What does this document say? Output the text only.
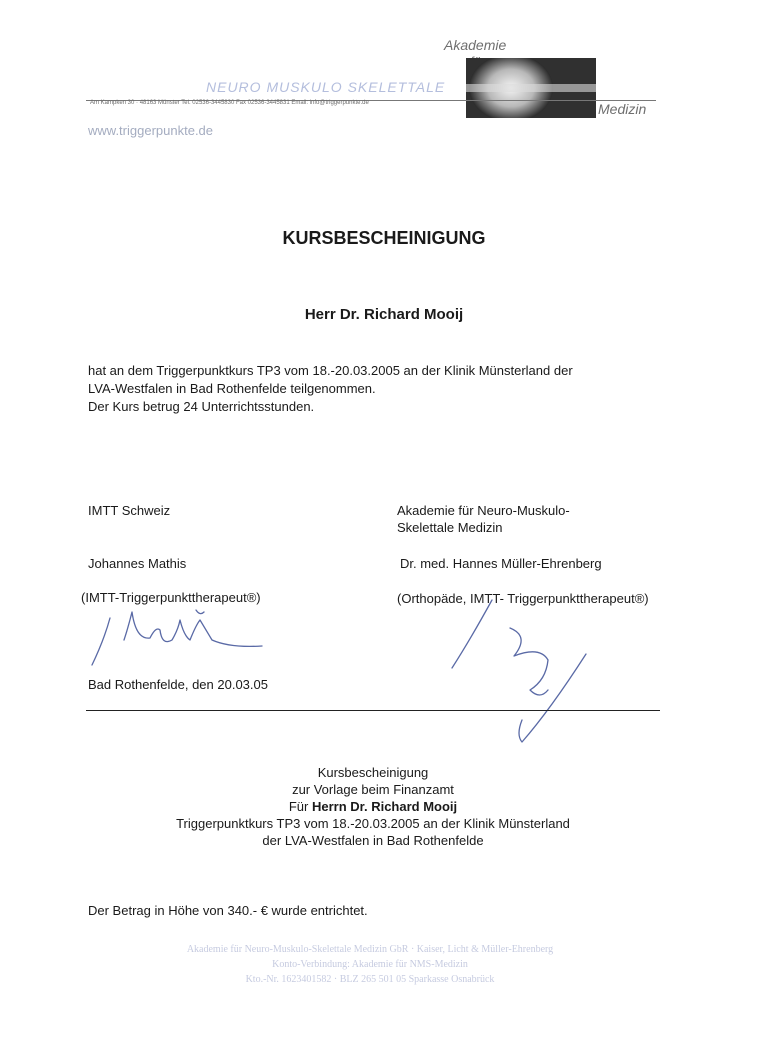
Akademie
NEURO MUSKULO SKELETTALE
Am Kampken 30 · 48163 Münster Tel. 02536-3445830 Fax 02536-3445831 Email: info@triggerpunkte.de	Medizin
www.triggerpunkte.de
KURSBESCHEINIGUNG
Herr Dr. Richard Mooij
hat an dem Triggerpunktkurs TP3 vom 18.-20.03.2005 an der Klinik Münsterland der
LVA-Westfalen in Bad Rothenfelde teilgenommen.
Der Kurs betrug 24 Unterrichtsstunden.
IMTT Schweiz
Johannes Mathis
(IMTT-Triggerpunkttherapeut®)
Bad Rothenfelde, den 20.03.05
Akademie für Neuro-Muskulo-
Skelettale Medizin
Dr. med. Hannes Müller-Ehrenberg
(Orthopäde, IMTT- Triggerpunkttherapeut®)
Kursbescheinigung
zur Vorlage beim Finanzamt
Für Herrn Dr. Richard Mooij
Triggerpunktkurs TP3 vom 18.-20.03.2005 an der Klinik Münsterland
der LVA-Westfalen in Bad Rothenfelde
Der Betrag in Höhe von 340.- € wurde entrichtet.
Akademie für Neuro-Muskulo-Skelettale Medizin GbR · Kaiser, Licht & Müller-Ehrenberg
Konto-Verbindung: Akademie für NMS-Medizin
Kto.-Nr. 1623401582 · BLZ 265 501 05 Sparkasse Osnabrück
